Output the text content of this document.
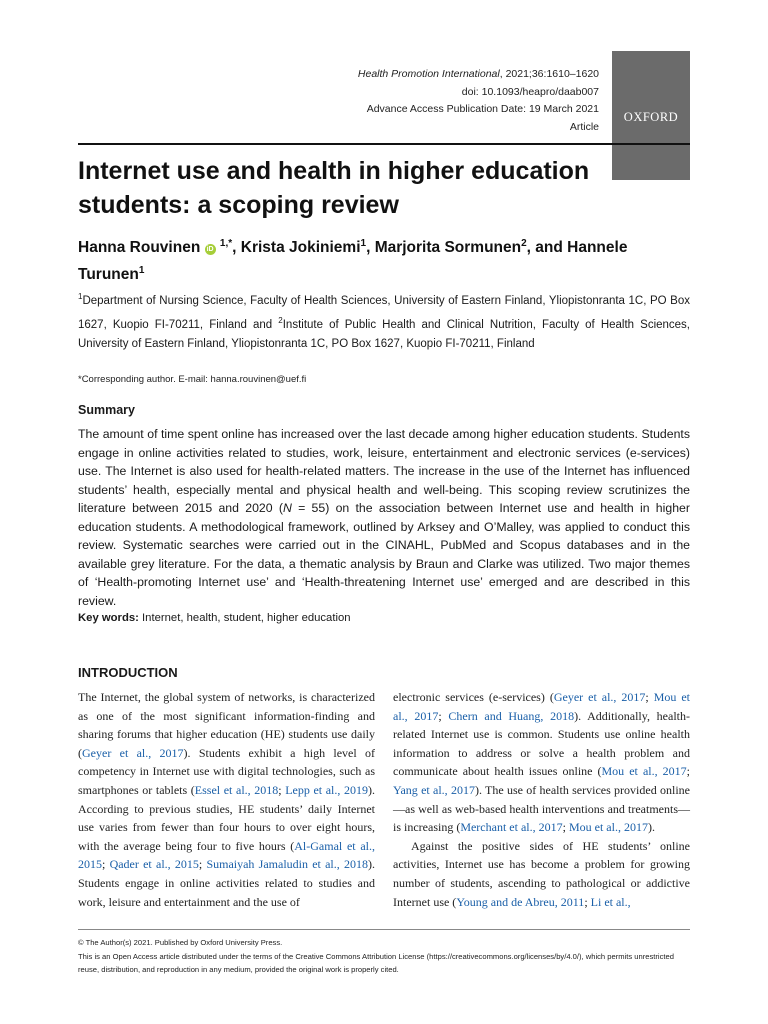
Health Promotion International, 2021;36:1610–1620
doi: 10.1093/heapro/daab007
Advance Access Publication Date: 19 March 2021
Article
OXFORD
Internet use and health in higher education students: a scoping review
Hanna Rouvinen iD $^{1,*}$, Krista Jokiniemi$^1$, Marjorita Sormunen$^2$, and Hannele Turunen$^1$
$^1$Department of Nursing Science, Faculty of Health Sciences, University of Eastern Finland, Yliopistonranta 1C, PO Box 1627, Kuopio FI-70211, Finland and $^2$Institute of Public Health and Clinical Nutrition, Faculty of Health Sciences, University of Eastern Finland, Yliopistonranta 1C, PO Box 1627, Kuopio FI-70211, Finland
*Corresponding author. E-mail: hanna.rouvinen@uef.fi
Summary
The amount of time spent online has increased over the last decade among higher education students. Students engage in online activities related to studies, work, leisure, entertainment and electronic services (e-services) use. The Internet is also used for health-related matters. The increase in the use of the Internet has influenced students’ health, especially mental and physical health and well-being. This scoping review scrutinizes the literature between 2015 and 2020 (N = 55) on the association between Internet use and health in higher education students. A methodological framework, outlined by Arksey and O’Malley, was applied to conduct this review. Systematic searches were carried out in the CINAHL, PubMed and Scopus databases and in the available grey literature. For the data, a thematic analysis by Braun and Clarke was utilized. Two major themes of ‘Health-promoting Internet use’ and ‘Health-threatening Internet use’ emerged and are described in this review.
Key words: Internet, health, student, higher education
INTRODUCTION

The Internet, the global system of networks, is characterized as one of the most significant information-finding and sharing forums that higher education (HE) students use daily (Geyer et al., 2017). Students exhibit a high level of competency in Internet use with digital technologies, such as smartphones or tablets (Essel et al., 2018; Lepp et al., 2019). According to previous studies, HE students’ daily Internet use varies from fewer than four hours to over eight hours, with the average being four to five hours (Al-Gamal et al., 2015; Qader et al., 2015; Sumaiyah Jamaludin et al., 2018). Students engage in online activities related to studies and work, leisure and entertainment and the use of

electronic services (e-services) (Geyer et al., 2017; Mou et al., 2017; Chern and Huang, 2018). Additionally, health-related Internet use is common. Students use online health information to address or solve a health problem and communicate about health issues online (Mou et al., 2017; Yang et al., 2017). The use of health services provided online—as well as web-based health interventions and treatments—is increasing (Merchant et al., 2017; Mou et al., 2017).

Against the positive sides of HE students’ online activities, Internet use has become a problem for growing number of students, ascending to pathological or addictive Internet use (Young and de Abreu, 2011; Li et al.,

© The Author(s) 2021. Published by Oxford University Press.
This is an Open Access article distributed under the terms of the Creative Commons Attribution License (https://creativecommons.org/licenses/by/4.0/), which permits unrestricted reuse, distribution, and reproduction in any medium, provided the original work is properly cited.
